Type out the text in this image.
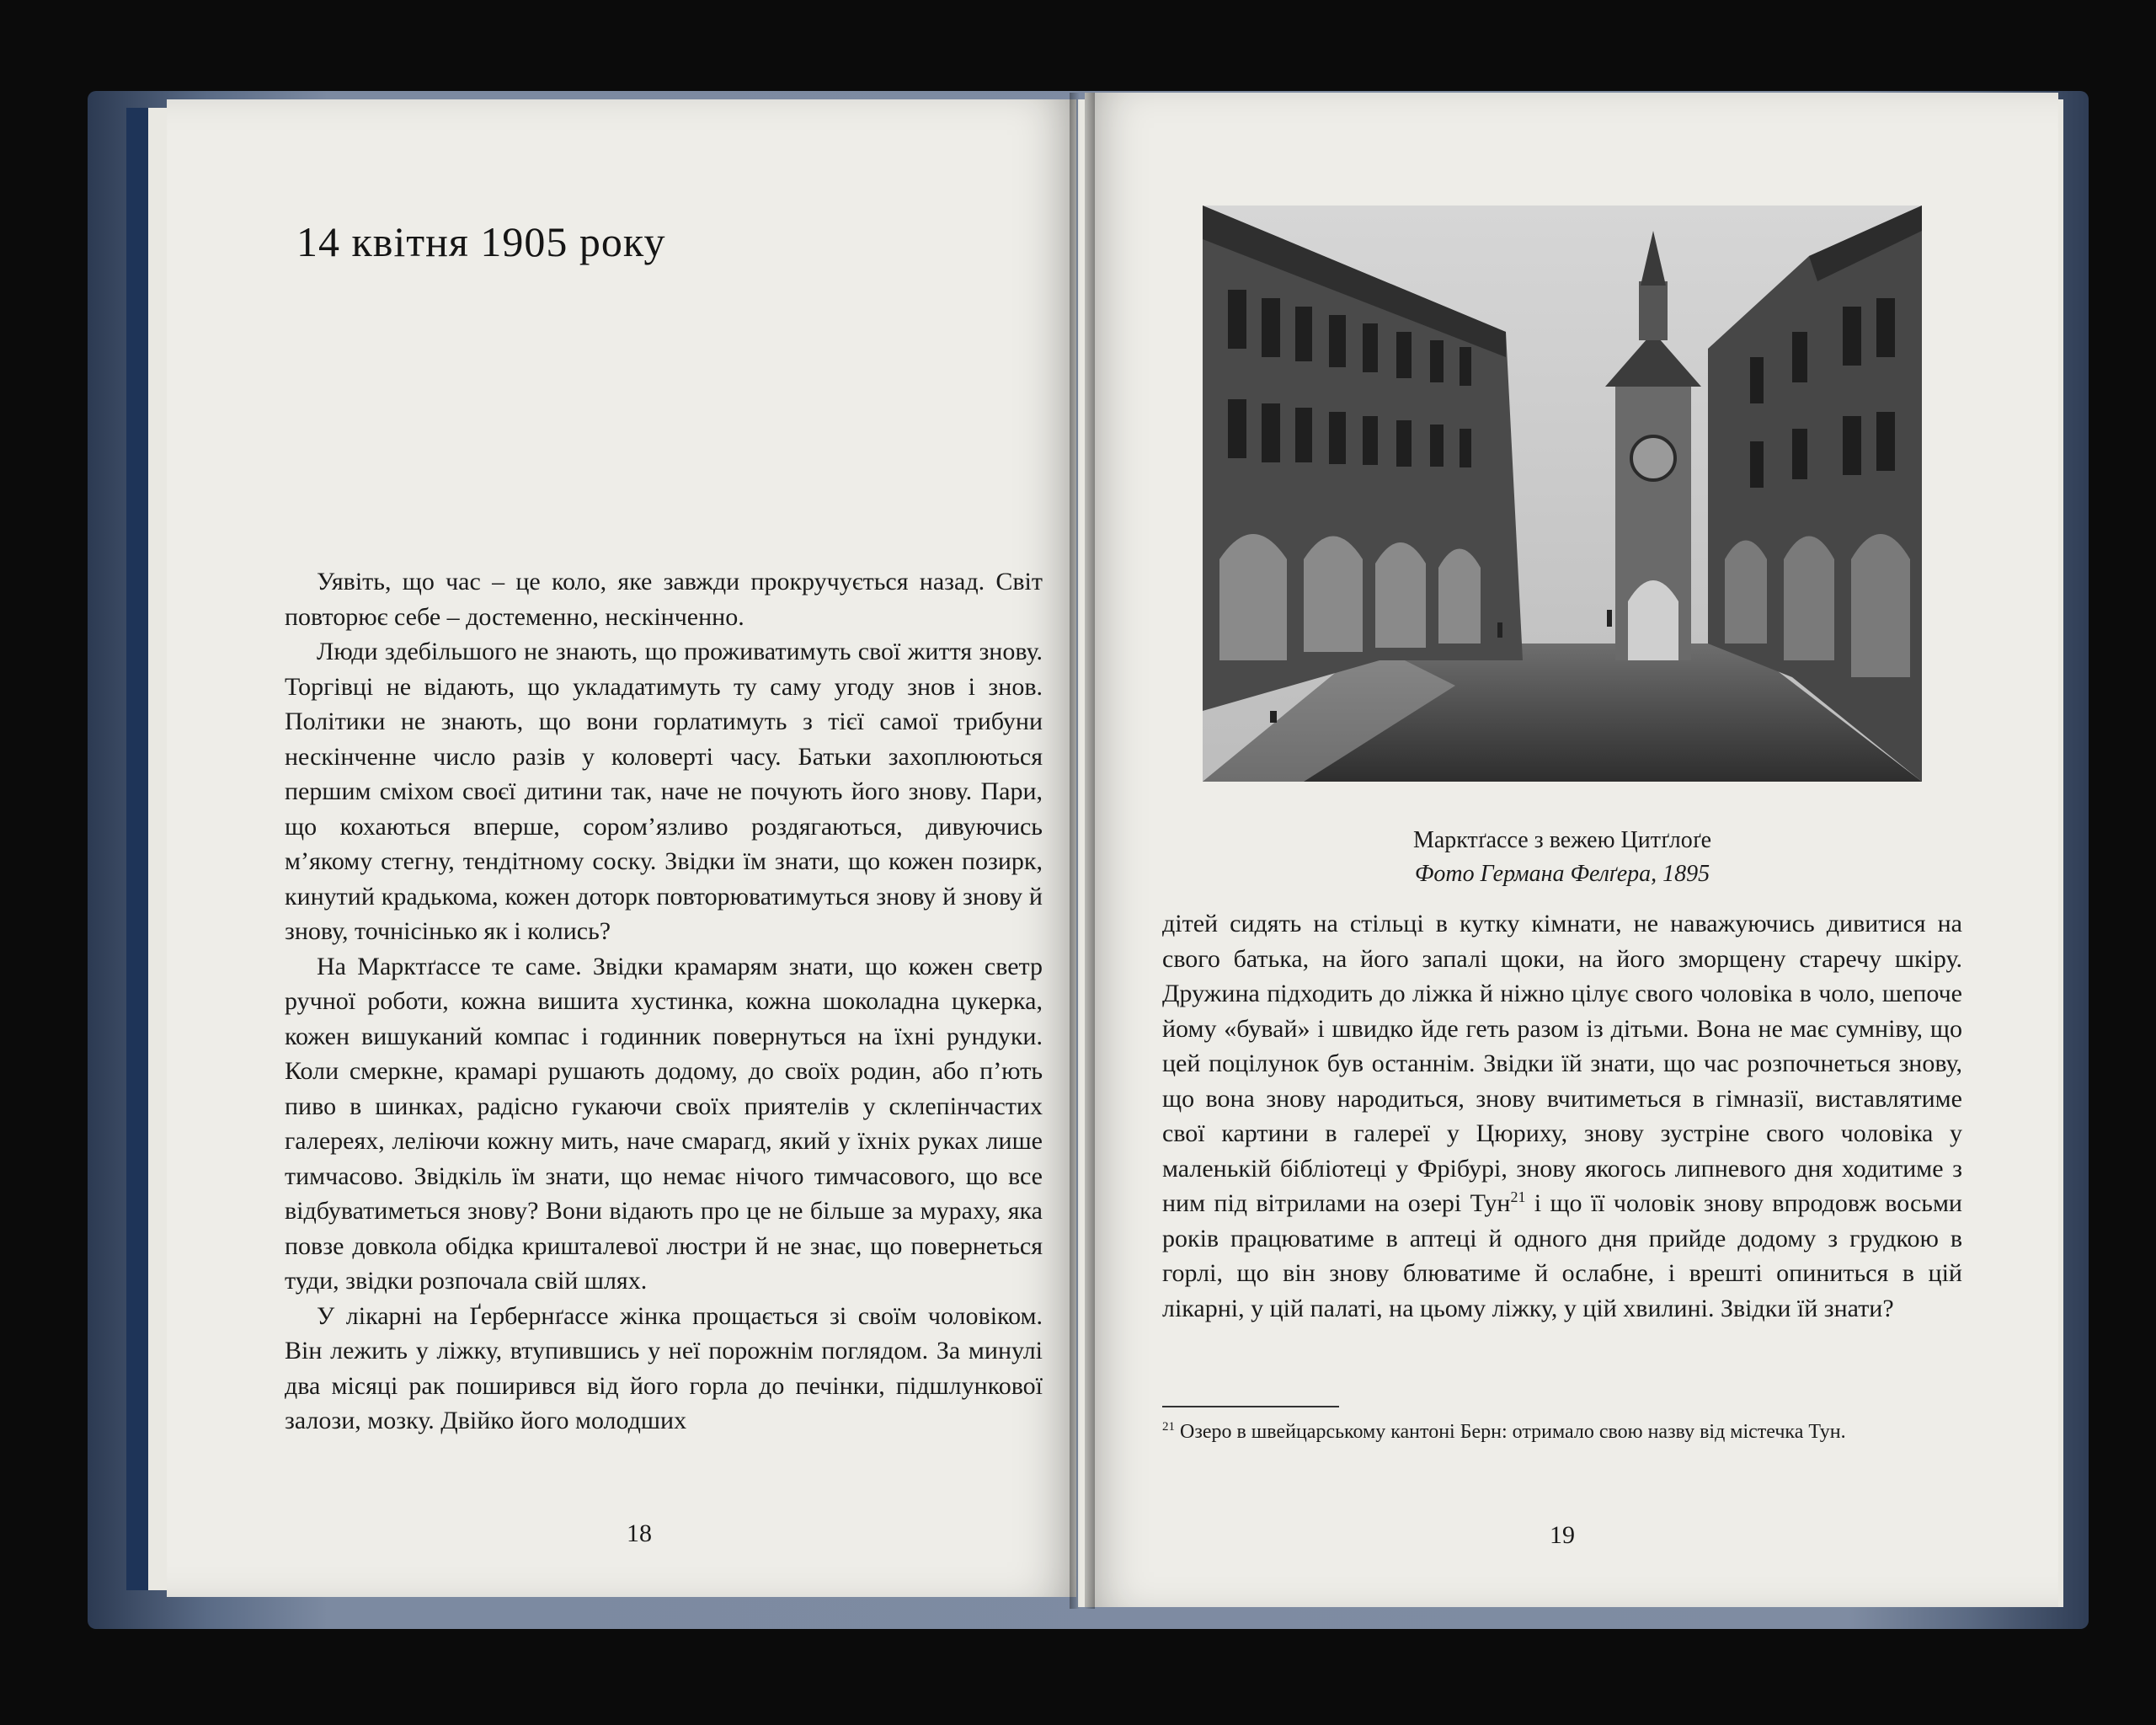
14 квітня 1905 року

Уявіть, що час – це коло, яке завжди прокручується назад. Світ повторює себе – достеменно, нескінченно.

Люди здебільшого не знають, що проживатимуть свої життя знову. Торгівці не відають, що укладатимуть ту саму угоду знов і знов. Політики не знають, що вони горлатимуть з тієї самої трибуни нескінченне число разів у коловерті часу. Батьки захоплюються першим сміхом своєї дитини так, наче не почують його знову. Пари, що кохаються вперше, сором’язливо роздягаються, дивуючись м’якому стегну, тендітному соску. Звідки їм знати, що кожен позирк, кинутий крадькома, кожен доторк повторюватимуться знову й знову й знову, точнісінько як і колись?

На Марктґассе те саме. Звідки крамарям знати, що кожен светр ручної роботи, кожна вишита хустинка, кожна шоколадна цукерка, кожен вишуканий компас і годинник повернуться на їхні рундуки. Коли смеркне, крамарі рушають додому, до своїх родин, або п’ють пиво в шинках, радісно гукаючи своїх приятелів у склепінчастих галереях, леліючи кожну мить, наче смарагд, який у їхніх руках лише тимчасово. Звідкіль їм знати, що немає нічого тимчасового, що все відбуватиметься знову? Вони відають про це не більше за мураху, яка повзе довкола обідка кришталевої люстри й не знає, що повернеться туди, звідки розпочала свій шлях.

У лікарні на Ґербернґассе жінка прощається зі своїм чоловіком. Він лежить у ліжку, втупившись у неї порожнім поглядом. За минулі два місяці рак поширився від його горла до печінки, підшлункової залози, мозку. Двійко його молодших

18
Марктґассе з вежею Цитґлоґе
Фото Германа Фелґера, 1895

дітей сидять на стільці в кутку кімнати, не наважуючись дивитися на свого батька, на його запалі щоки, на його зморщену старечу шкіру. Дружина підходить до ліжка й ніжно цілує свого чоловіка в чоло, шепоче йому «бувай» і швидко йде геть разом із дітьми. Вона не має сумніву, що цей поцілунок був останнім. Звідки їй знати, що час розпочнеться знову, що вона знову народиться, знову вчитиметься в гімназії, виставлятиме свої картини в галереї у Цюриху, знову зустріне свого чоловіка у маленькій бібліотеці у Фрібурі, знову якогось липневого дня ходитиме з ним під вітрилами на озері Тун$^{21}$ і що її чоловік знову впродовж восьми років працюватиме в аптеці й одного дня прийде додому з грудкою в горлі, що він знову блюватиме й ослабне, і врешті опиниться в цій лікарні, у цій палаті, на цьому ліжку, у цій хвилині. Звідки їй знати?

$^{21}$ Озеро в швейцарському кантоні Берн: отримало свою назву від містечка Тун.
19
